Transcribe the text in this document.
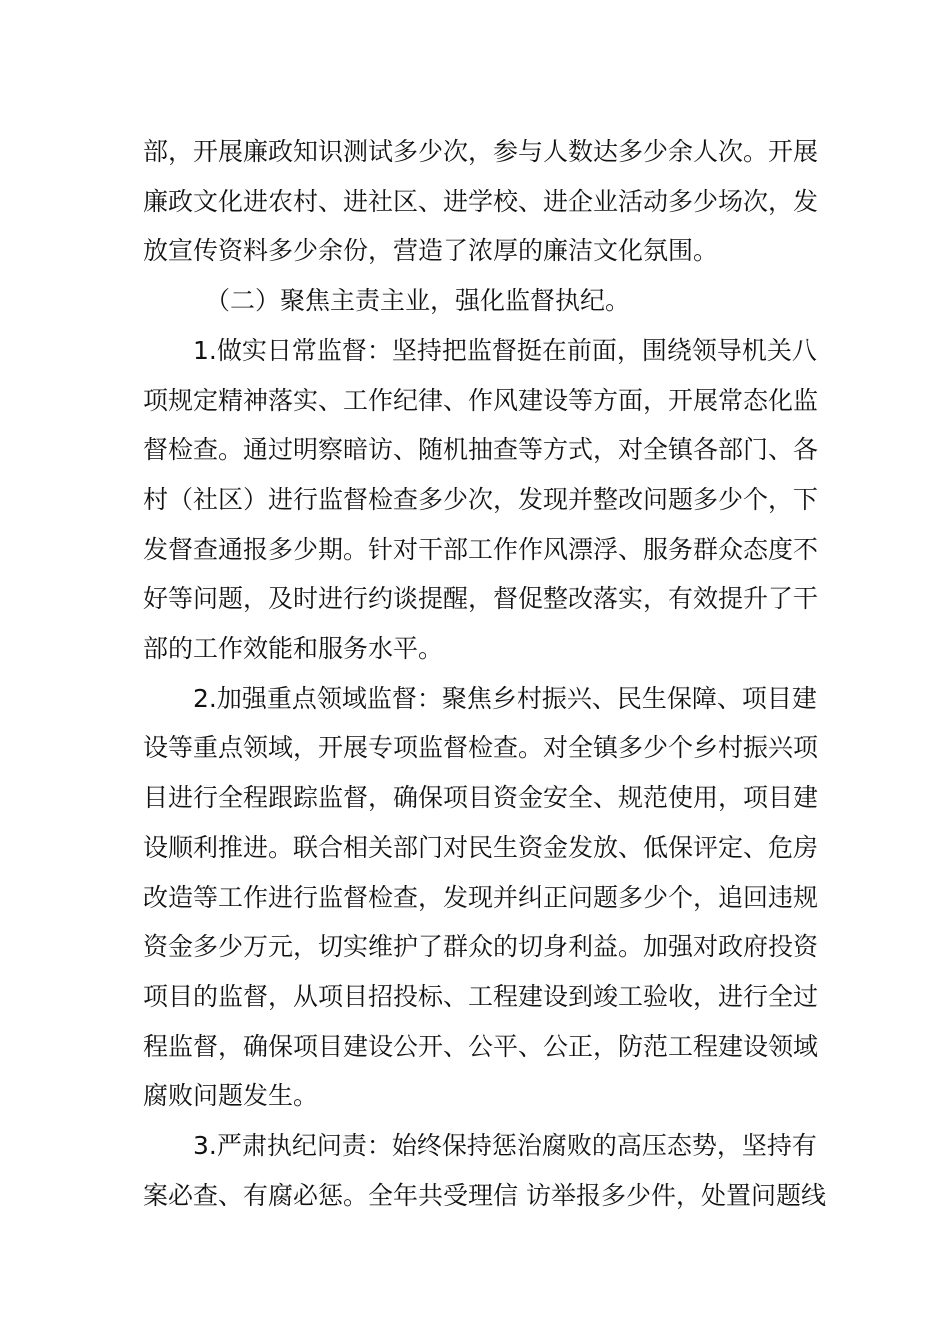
部，开展廉政知识测试多少次，参与人数达多少余人次。开展
廉政文化进农村、进社区、进学校、进企业活动多少场次，发
放宣传资料多少余份，营造了浓厚的廉洁文化氛围。

（二）聚焦主责主业，强化监督执纪。

1.做实日常监督：坚持把监督挺在前面，围绕领导机关八
项规定精神落实、工作纪律、作风建设等方面，开展常态化监
督检查。通过明察暗访、随机抽查等方式，对全镇各部门、各
村（社区）进行监督检查多少次，发现并整改问题多少个，下
发督查通报多少期。针对干部工作作风漂浮、服务群众态度不
好等问题，及时进行约谈提醒，督促整改落实，有效提升了干
部的工作效能和服务水平。

2.加强重点领域监督：聚焦乡村振兴、民生保障、项目建
设等重点领域，开展专项监督检查。对全镇多少个乡村振兴项
目进行全程跟踪监督，确保项目资金安全、规范使用，项目建
设顺利推进。联合相关部门对民生资金发放、低保评定、危房
改造等工作进行监督检查，发现并纠正问题多少个，追回违规
资金多少万元，切实维护了群众的切身利益。加强对政府投资
项目的监督，从项目招投标、工程建设到竣工验收，进行全过
程监督，确保项目建设公开、公平、公正，防范工程建设领域
腐败问题发生。

3.严肃执纪问责：始终保持惩治腐败的高压态势，坚持有
案必查、有腐必惩。全年共受理信 访举报多少件，处置问题线
